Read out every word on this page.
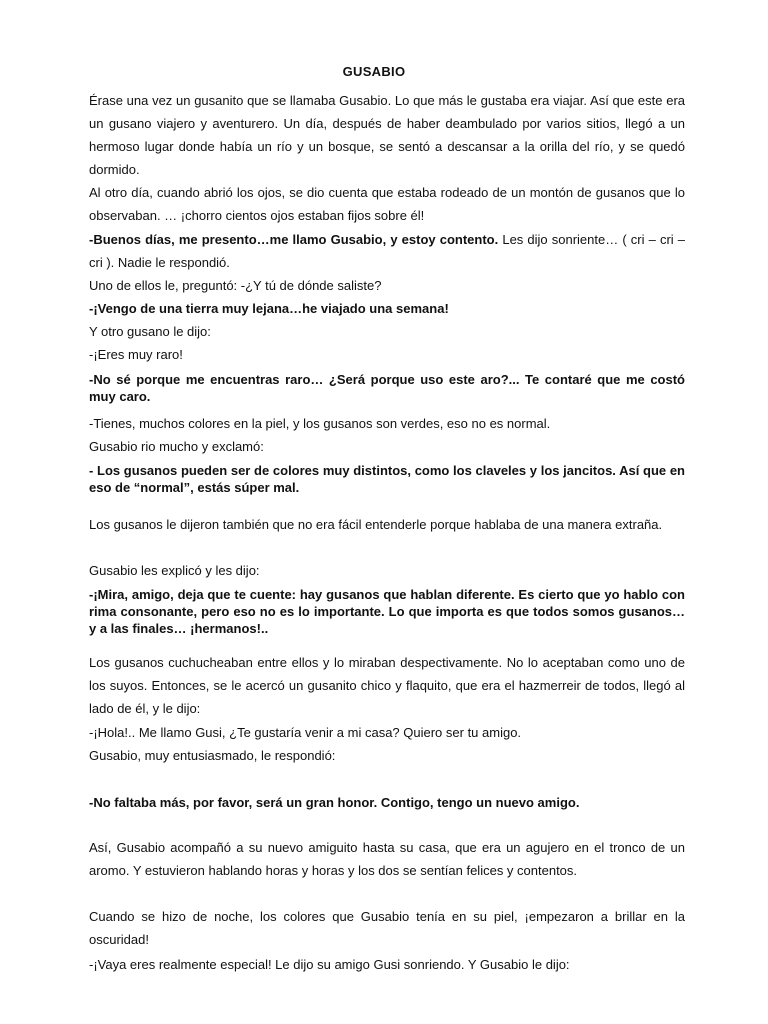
GUSABIO

Érase una vez un gusanito que se llamaba Gusabio. Lo que más le gustaba era viajar. Así que este era un gusano viajero y aventurero. Un día, después de haber deambulado por varios sitios, llegó a un hermoso lugar donde había un río y un bosque, se sentó a descansar a la orilla del río, y se quedó dormido.

Al otro día, cuando abrió los ojos, se dio cuenta que estaba rodeado de un montón de gusanos que lo observaban. … ¡chorro cientos ojos estaban fijos sobre él!

-Buenos días, me presento…me llamo Gusabio, y estoy contento. Les dijo sonriente… ( cri – cri – cri ). Nadie le respondió.

Uno de ellos le, preguntó: -¿Y tú de dónde saliste?

-¡Vengo de una tierra muy lejana…he viajado una semana!

Y otro gusano le dijo:

-¡Eres muy raro!

-No sé porque me encuentras raro… ¿Será porque uso este aro?... Te contaré que me costó muy caro.

-Tienes, muchos colores en la piel, y los gusanos son verdes, eso no es normal.

Gusabio rio mucho y exclamó:

- Los gusanos pueden ser de colores muy distintos, como los claveles y los jancitos. Así que en eso de “normal”, estás súper mal.

Los gusanos le dijeron también que no era fácil entenderle porque hablaba de una manera extraña.

Gusabio les explicó y les dijo:

-¡Mira, amigo, deja que te cuente: hay gusanos que hablan diferente. Es cierto que yo hablo con rima consonante, pero eso no es lo importante. Lo que importa es que todos somos gusanos…y a las finales… ¡hermanos!..

Los gusanos cuchucheaban entre ellos y lo miraban despectivamente. No lo aceptaban como uno de los suyos. Entonces, se le acercó un gusanito chico y flaquito, que era el hazmerreir de todos, llegó al lado de él, y le dijo:

-¡Hola!.. Me llamo Gusi, ¿Te gustaría venir a mi casa? Quiero ser tu amigo.

Gusabio, muy entusiasmado, le respondió:

-No faltaba más, por favor, será un gran honor. Contigo, tengo un nuevo amigo.

Así, Gusabio acompañó a su nuevo amiguito hasta su casa, que era un agujero en el tronco de un aromo. Y estuvieron hablando horas y horas y los dos se sentían felices y contentos.

Cuando se hizo de noche, los colores que Gusabio tenía en su piel, ¡empezaron a brillar en la oscuridad!

-¡Vaya eres realmente especial! Le dijo su amigo Gusi sonriendo. Y Gusabio le dijo:
